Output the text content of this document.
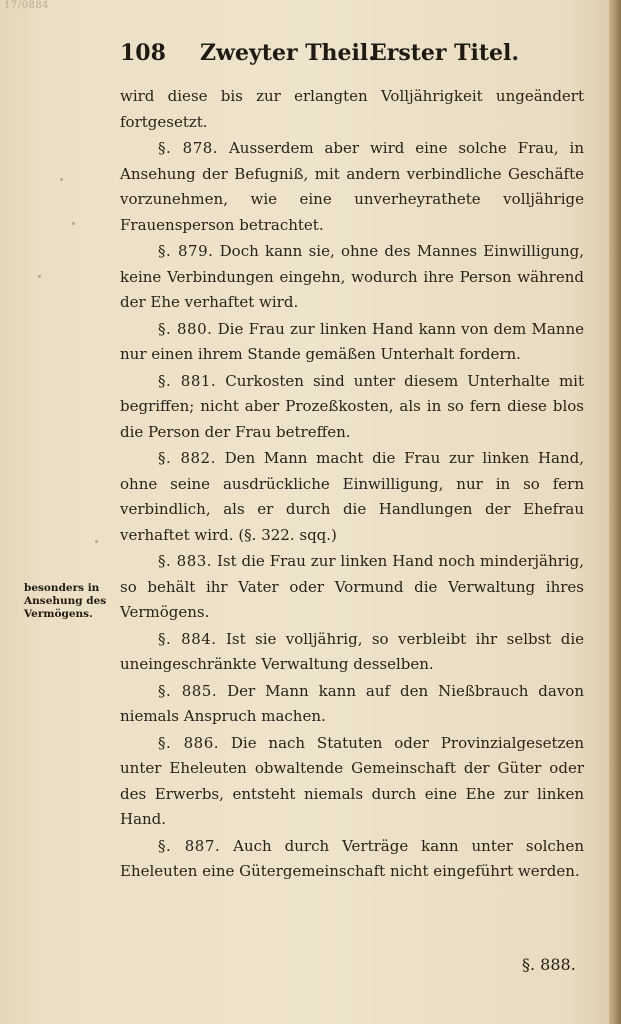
17/0884
108 Zweyter Theil.
Erster Titel.

wird diese bis zur erlangten Volljährigkeit ungeändert fortgesetzt.

§. 878. Ausserdem aber wird eine solche Frau, in Ansehung der Befugniß, mit andern verbindliche Geschäfte vorzunehmen, wie eine unverheyrathete volljährige Frauensperson betrachtet.

§. 879. Doch kann sie, ohne des Mannes Einwilligung, keine Verbindungen eingehn, wodurch ihre Person während der Ehe verhaftet wird.

§. 880. Die Frau zur linken Hand kann von dem Manne nur einen ihrem Stande gemäßen Unterhalt fordern.

§. 881. Curkosten sind unter diesem Unterhalte mit begriffen; nicht aber Prozeßkosten, als in so fern diese blos die Person der Frau betreffen.

§. 882. Den Mann macht die Frau zur linken Hand, ohne seine ausdrückliche Einwilligung, nur in so fern verbindlich, als er durch die Handlungen der Ehefrau verhaftet wird. (§. 322. sqq.)

§. 883. Ist die Frau zur linken Hand noch minderjährig, so behält ihr Vater oder Vormund die Verwaltung ihres Vermögens.

§. 884. Ist sie volljährig, so verbleibt ihr selbst die uneingeschränkte Verwaltung desselben.

§. 885. Der Mann kann auf den Nießbrauch davon niemals Anspruch machen.

§. 886. Die nach Statuten oder Provinzialgesetzen unter Eheleuten obwaltende Gemeinschaft der Güter oder des Erwerbs, entsteht niemals durch eine Ehe zur linken Hand.

§. 887. Auch durch Verträge kann unter solchen Eheleuten eine Gütergemeinschaft nicht eingeführt werden.

besonders in Ansehung des Vermögens.
§. 888.
